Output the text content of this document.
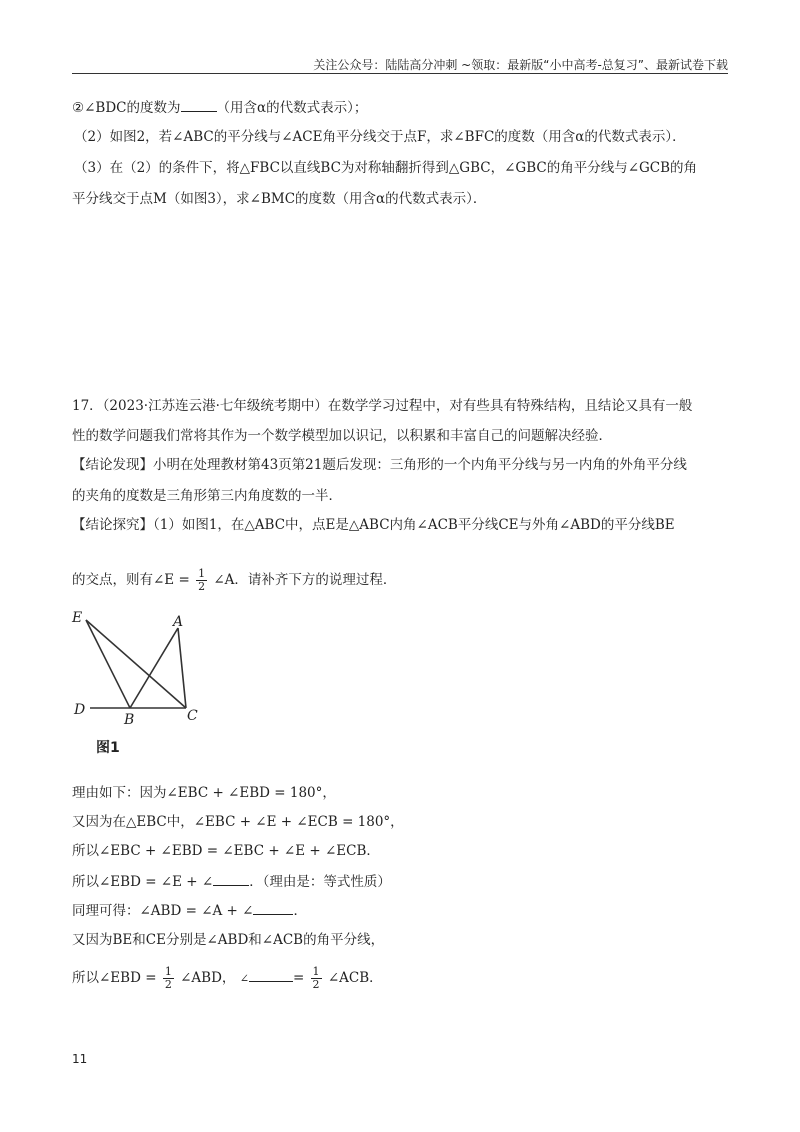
关注公众号：陆陆高分冲刺 ~领取：最新版“小中高考-总复习”、最新试卷下载
②∠BDC的度数为	（用含α的代数式表示）；
（2）如图2，若∠ABC的平分线与∠ACE角平分线交于点F，求∠BFC的度数（用含α的代数式表示）．
（3）在（2）的条件下，将△FBC以直线BC为对称轴翻折得到△GBC，∠GBC的角平分线与∠GCB的角
平分线交于点M（如图3），求∠BMC的度数（用含α的代数式表示）．
17．（2023·江苏连云港·七年级统考期中）在数学学习过程中，对有些具有特殊结构，且结论又具有一般
性的数学问题我们常将其作为一个数学模型加以识记，以积累和丰富自己的问题解决经验．
【结论发现】小明在处理教材第43页第21题后发现：三角形的一个内角平分线与另一内角的外角平分线
的夹角的度数是三角形第三内角度数的一半．
【结论探究】（1）如图1，在△ABC中，点E是△ABC内角∠ACB平分线CE与外角∠ABD的平分线BE
的交点，则有∠E = $\frac{1}{2}$ ∠A．请补齐下方的说理过程．
E	A
D
B	C
图1
理由如下：因为∠EBC + ∠EBD = 180°，
又因为在△EBC中，∠EBC + ∠E + ∠ECB = 180°，
所以∠EBC + ∠EBD = ∠EBC + ∠E + ∠ECB．
所以∠EBD = ∠E + ∠	．（理由是：等式性质）
同理可得：∠ABD = ∠A + ∠	．
又因为BE和CE分别是∠ABD和∠ACB的角平分线，
所以∠EBD = $\frac{1}{2}$ ∠ABD， ∠	= $\frac{1}{2}$ ∠ACB．
11
